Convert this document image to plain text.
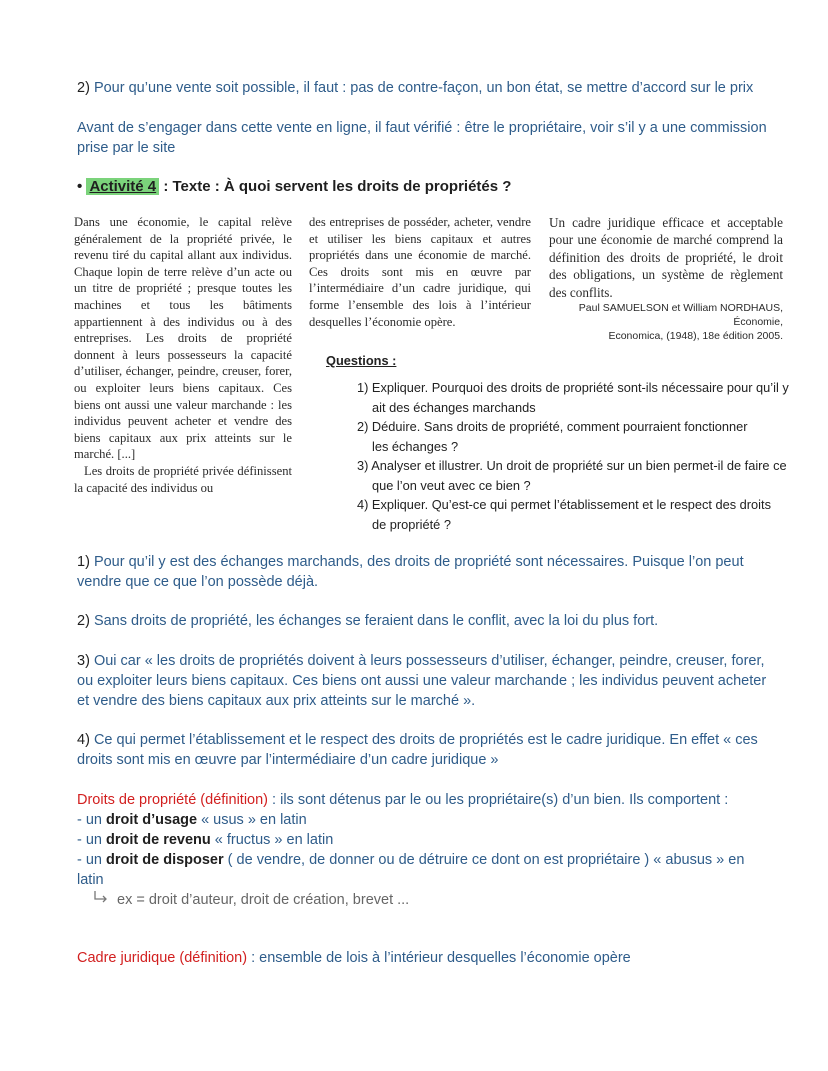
2) Pour qu’une vente soit possible, il faut : pas de contre-façon, un bon état, se mettre d’accord sur le prix
Avant de s’engager dans cette vente en ligne, il faut vérifié : être le propriétaire, voir s’il y a une commission prise par le site
• Activité 4 : Texte : À quoi servent les droits de propriétés ?
Dans une économie, le capital relève généralement de la propriété privée, le revenu tiré du capital allant aux individus. Chaque lopin de terre relève d’un acte ou un titre de propriété ; presque toutes les machines et tous les bâtiments appartiennent à des individus ou à des entreprises. Les droits de propriété donnent à leurs possesseurs la capacité d’utiliser, échanger, peindre, creuser, forer, ou exploiter leurs biens capitaux. Ces biens ont aussi une valeur marchande : les individus peuvent acheter et vendre des biens capitaux aux prix atteints sur le marché. [...]
Les droits de propriété privée définissent la capacité des individus ou
des entreprises de posséder, acheter, vendre et utiliser les biens capitaux et autres propriétés dans une économie de marché. Ces droits sont mis en œuvre par l’intermédiaire d’un cadre juridique, qui forme l’ensemble des lois à l’intérieur desquelles l’économie opère.
Un cadre juridique efficace et acceptable pour une économie de marché comprend la définition des droits de propriété, le droit des obligations, un système de règlement des conflits.
Paul SAMUELSON et William NORDHAUS, Économie,
Economica, (1948), 18e édition 2005.
Questions :
1) Expliquer. Pourquoi des droits de propriété sont-ils nécessaire pour qu’il y
ait des échanges marchands
2) Déduire. Sans droits de propriété, comment pourraient fonctionner
les échanges ?
3) Analyser et illustrer. Un droit de propriété sur un bien permet-il de faire ce
que l’on veut avec ce bien ?
4) Expliquer. Qu’est-ce qui permet l’établissement et le respect des droits
de propriété ?
1) Pour qu’il y est des échanges marchands, des droits de propriété sont nécessaires. Puisque l’on peut vendre que ce que l’on possède déjà.
2) Sans droits de propriété, les échanges se feraient dans le conflit, avec la loi du plus fort.
3) Oui car « les droits de propriétés doivent à leurs possesseurs d’utiliser, échanger, peindre, creuser, forer, ou exploiter leurs biens capitaux. Ces biens ont aussi une valeur marchande ; les individus peuvent acheter et vendre des biens capitaux aux prix atteints sur le marché ».
4) Ce qui permet l’établissement et le respect des droits de propriétés est le cadre juridique. En effet « ces droits sont mis en œuvre par l’intermédiaire d’un cadre juridique »
Droits de propriété (définition) : ils sont détenus par le ou les propriétaire(s) d’un bien. Ils comportent :
- un droit d’usage « usus » en latin
- un droit de revenu « fructus » en latin
- un droit de disposer ( de vendre, de donner ou de détruire ce dont on est propriétaire ) « abusus » en latin
ex = droit d’auteur, droit de création, brevet ...
Cadre juridique (définition) : ensemble de lois à l’intérieur desquelles l’économie opère
